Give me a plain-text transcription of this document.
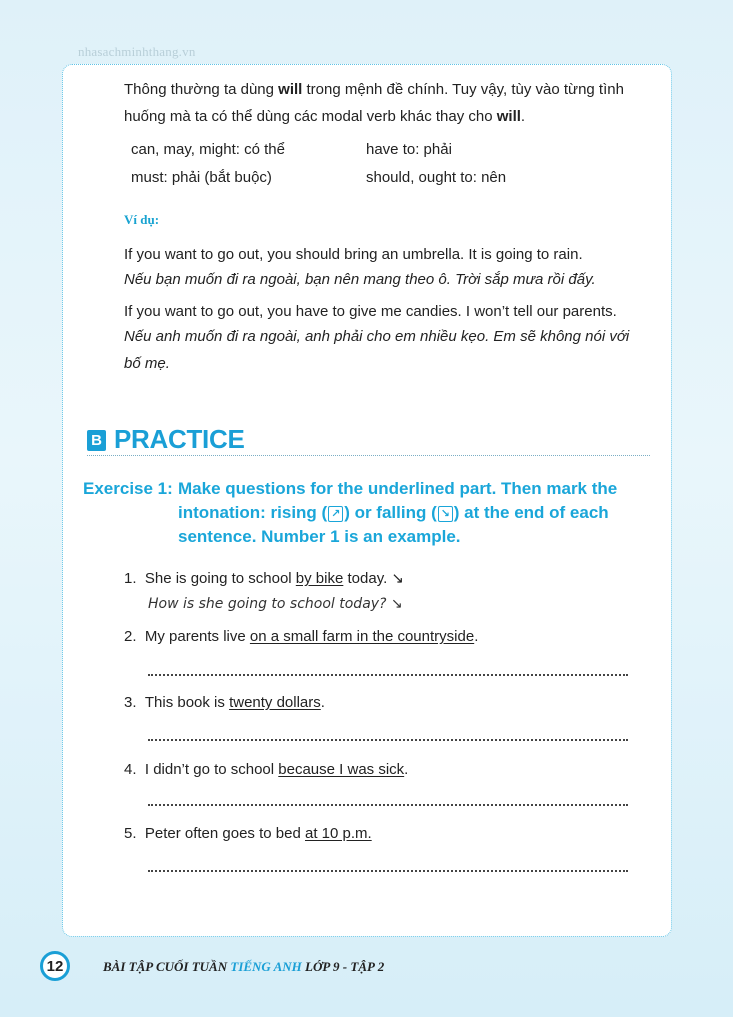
nhasachminhthang.vn
Thông thường ta dùng will trong mệnh đề chính. Tuy vậy, tùy vào từng tình
huống mà ta có thể dùng các modal verb khác thay cho will.
can, may, might: có thể	have to: phải
must: phải (bắt buộc)	should, ought to: nên
Ví dụ:
If you want to go out, you should bring an umbrella. It is going to rain.
Nếu bạn muốn đi ra ngoài, bạn nên mang theo ô. Trời sắp mưa rồi đấy.
If you want to go out, you have to give me candies. I won’t tell our parents.
Nếu anh muốn đi ra ngoài, anh phải cho em nhiều kẹo. Em sẽ không nói với
bố mẹ.
B PRACTICE
Exercise 1: Make questions for the underlined part. Then mark the
intonation: rising ( ↗ ) or falling ( ↘ ) at the end of each
sentence. Number 1 is an example.
1. She is going to school by bike today. ↘
How is she going to school today? ↘
2. My parents live on a small farm in the countryside.
3. This book is twenty dollars.
4. I didn’t go to school because I was sick.
5. Peter often goes to bed at 10 p.m.
12	BÀI TẬP CUỐI TUẦN TIẾNG ANH LỚP 9 - TẬP 2
